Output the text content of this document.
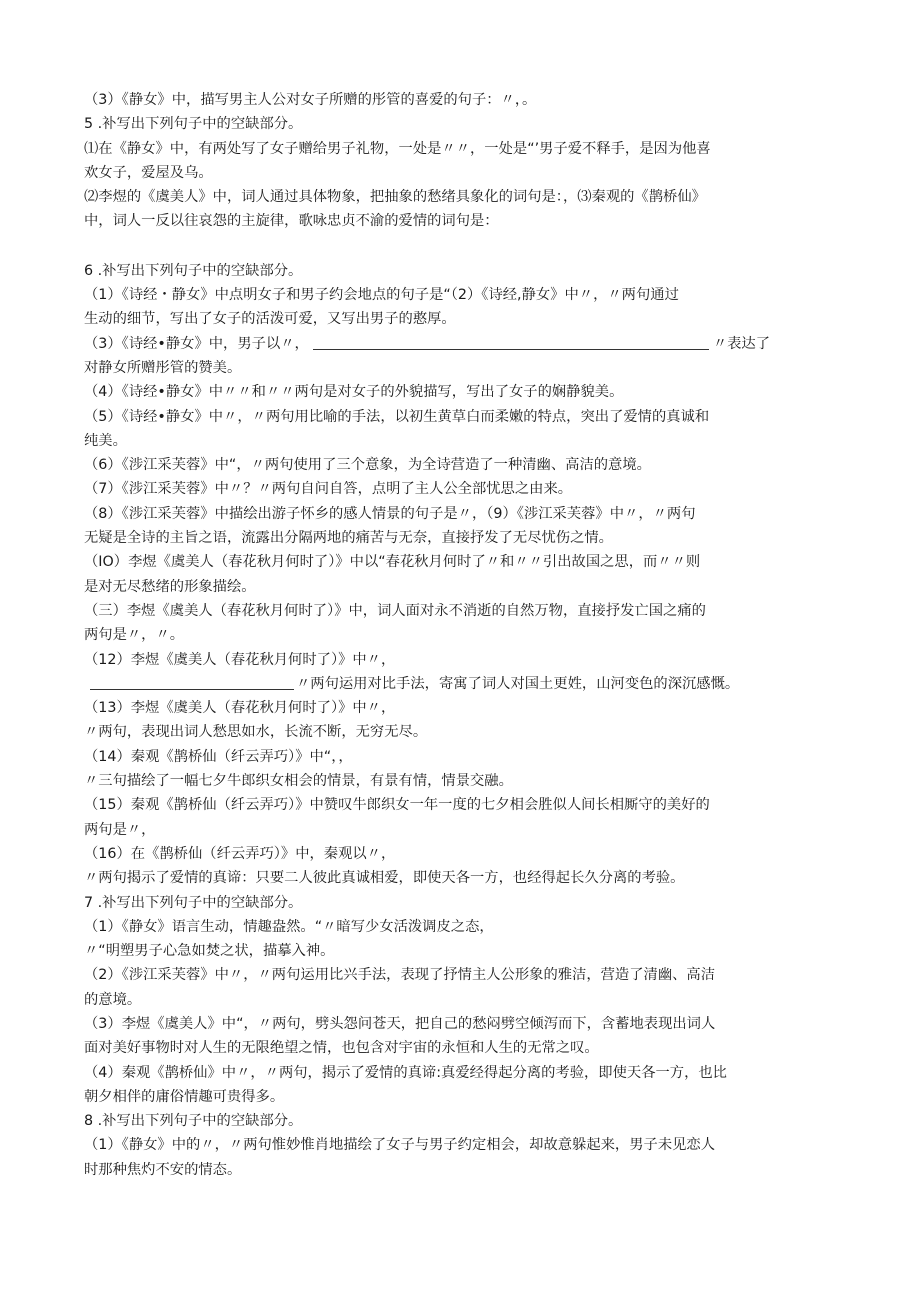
（3）《静女》中，描写男主人公对女子所赠的彤管的喜爱的句子：〃，。
5 .补写出下列句子中的空缺部分。
⑴在《静女》中，有两处写了女子赠给男子礼物，一处是〃〃，一处是“’男子爱不释手，是因为他喜
欢女子，爱屋及乌。
⑵李煜的《虞美人》中，词人通过具体物象，把抽象的愁绪具象化的词句是：，⑶秦观的《鹊桥仙》
中，词人一反以往哀怨的主旋律，歌咏忠贞不渝的爱情的词句是：
6 .补写出下列句子中的空缺部分。
（1）《诗经・静女》中点明女子和男子约会地点的句子是“（2）《诗经,静女》中〃，〃两句通过
生动的细节，写出了女子的活泼可爱，又写出男子的憨厚。
（3）《诗经•静女》中，男子以〃，	〃表达了
对静女所赠彤管的赞美。
（4）《诗经•静女》中〃〃和〃〃两句是对女子的外貌描写，写出了女子的娴静貌美。
（5）《诗经•静女》中〃，〃两句用比喻的手法，以初生黄草白而柔嫩的特点，突出了爱情的真诚和
纯美。
（6）《涉江采芙蓉》中“，〃两句使用了三个意象，为全诗营造了一种清幽、高洁的意境。
（7）《涉江采芙蓉》中〃？〃两句自问自答，点明了主人公全部忧思之由来。
（8）《涉江采芙蓉》中描绘出游子怀乡的感人情景的句子是〃，（9）《涉江采芙蓉》中〃，〃两句
无疑是全诗的主旨之语，流露出分隔两地的痛苦与无奈，直接抒发了无尽忧伤之情。
（IO）李煜《虞美人（春花秋月何时了）》中以“春花秋月何时了〃和〃〃引出故国之思，而〃〃则
是对无尽愁绪的形象描绘。
（三）李煜《虞美人（春花秋月何时了）》中，词人面对永不消逝的自然万物，直接抒发亡国之痛的
两句是〃，〃。
（12）李煜《虞美人（春花秋月何时了）》中〃，
〃两句运用对比手法，寄寓了词人对国土更姓，山河变色的深沉感慨。
（13）李煜《虞美人（春花秋月何时了）》中〃，
〃两句，表现出词人愁思如水，长流不断，无穷无尽。
（14）秦观《鹊桥仙（纤云弄巧）》中“，，
〃三句描绘了一幅七夕牛郎织女相会的情景，有景有情，情景交融。
（15）秦观《鹊桥仙（纤云弄巧）》中赞叹牛郎织女一年一度的七夕相会胜似人间长相厮守的美好的
两句是〃，
（16）在《鹊桥仙（纤云弄巧）》中，秦观以〃，
〃两句揭示了爱情的真谛：只要二人彼此真诚相爱，即使天各一方，也经得起长久分离的考验。
7 .补写出下列句子中的空缺部分。
（1）《静女》语言生动，情趣盎然。“〃暗写少女活泼调皮之态，
〃“明塑男子心急如焚之状，描摹入神。
（2）《涉江采芙蓉》中〃，〃两句运用比兴手法，表现了抒情主人公形象的雅洁，营造了清幽、高洁
的意境。
（3）李煜《虞美人》中“，〃两句，劈头怨问苍天，把自己的愁闷劈空倾泻而下，含蓄地表现出词人
面对美好事物时对人生的无限绝望之情，也包含对宇宙的永恒和人生的无常之叹。
（4）秦观《鹊桥仙》中〃，〃两句，揭示了爱情的真谛:真爱经得起分离的考验，即使天各一方，也比
朝夕相伴的庸俗情趣可贵得多。
8 .补写出下列句子中的空缺部分。
（1）《静女》中的〃，〃两句惟妙惟肖地描绘了女子与男子约定相会，却故意躲起来，男子未见恋人
时那种焦灼不安的情态。
